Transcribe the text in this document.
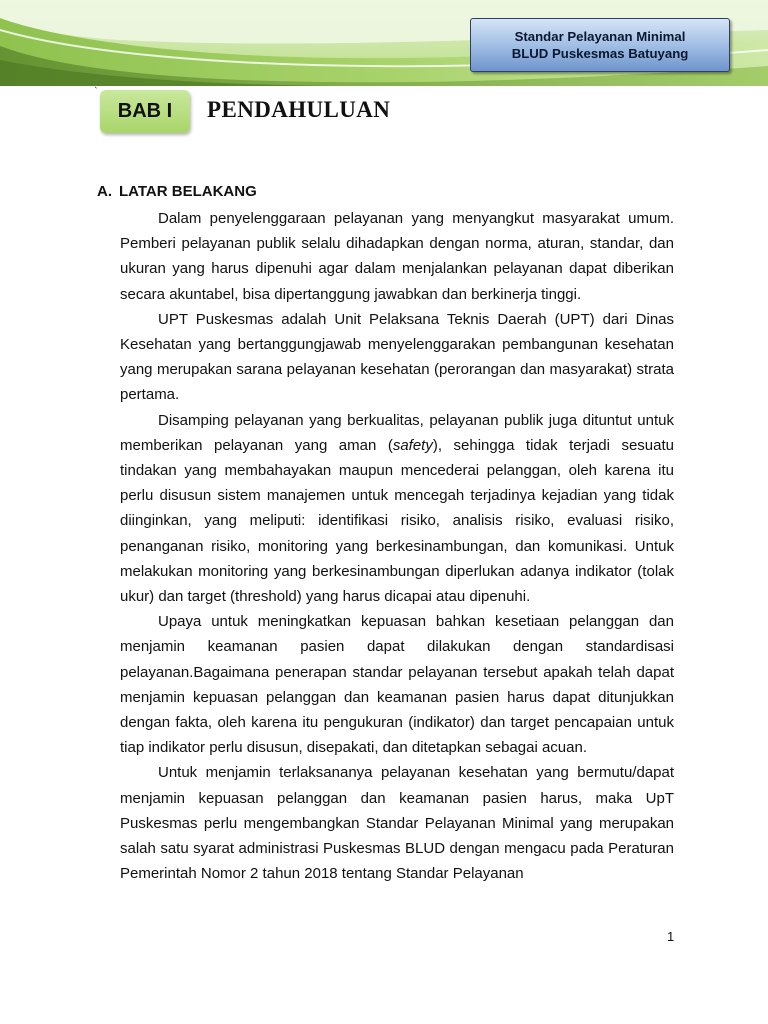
Standar Pelayanan Minimal
BLUD Puskesmas Batuyang
`
BAB I PENDAHULUAN
A. LATAR BELAKANG

Dalam penyelenggaraan pelayanan yang menyangkut masyarakat umum. Pemberi pelayanan publik selalu dihadapkan dengan norma, aturan, standar, dan ukuran yang harus dipenuhi agar dalam menjalankan pelayanan dapat diberikan secara akuntabel, bisa dipertanggung jawabkan dan berkinerja tinggi.

UPT Puskesmas adalah Unit Pelaksana Teknis Daerah (UPT) dari Dinas Kesehatan yang bertanggungjawab menyelenggarakan pembangunan kesehatan yang merupakan sarana pelayanan kesehatan (perorangan dan masyarakat) strata pertama.

Disamping pelayanan yang berkualitas, pelayanan publik juga dituntut untuk memberikan pelayanan yang aman (safety), sehingga tidak terjadi sesuatu tindakan yang membahayakan maupun mencederai pelanggan, oleh karena itu perlu disusun sistem manajemen untuk mencegah terjadinya kejadian yang tidak diinginkan, yang meliputi: identifikasi risiko, analisis risiko, evaluasi risiko, penanganan risiko, monitoring yang berkesinambungan, dan komunikasi. Untuk melakukan monitoring yang berkesinambungan diperlukan adanya indikator (tolak ukur) dan target (threshold) yang harus dicapai atau dipenuhi.

Upaya untuk meningkatkan kepuasan bahkan kesetiaan pelanggan dan menjamin keamanan pasien dapat dilakukan dengan standardisasi pelayanan.Bagaimana penerapan standar pelayanan tersebut apakah telah dapat menjamin kepuasan pelanggan dan keamanan pasien harus dapat ditunjukkan dengan fakta, oleh karena itu pengukuran (indikator) dan target pencapaian untuk tiap indikator perlu disusun, disepakati, dan ditetapkan sebagai acuan.

Untuk menjamin terlaksananya pelayanan kesehatan yang bermutu/dapat menjamin kepuasan pelanggan dan keamanan pasien harus, maka UpT Puskesmas perlu mengembangkan Standar Pelayanan Minimal yang merupakan salah satu syarat administrasi Puskesmas BLUD dengan mengacu pada Peraturan Pemerintah Nomor 2 tahun 2018 tentang Standar Pelayanan

1
